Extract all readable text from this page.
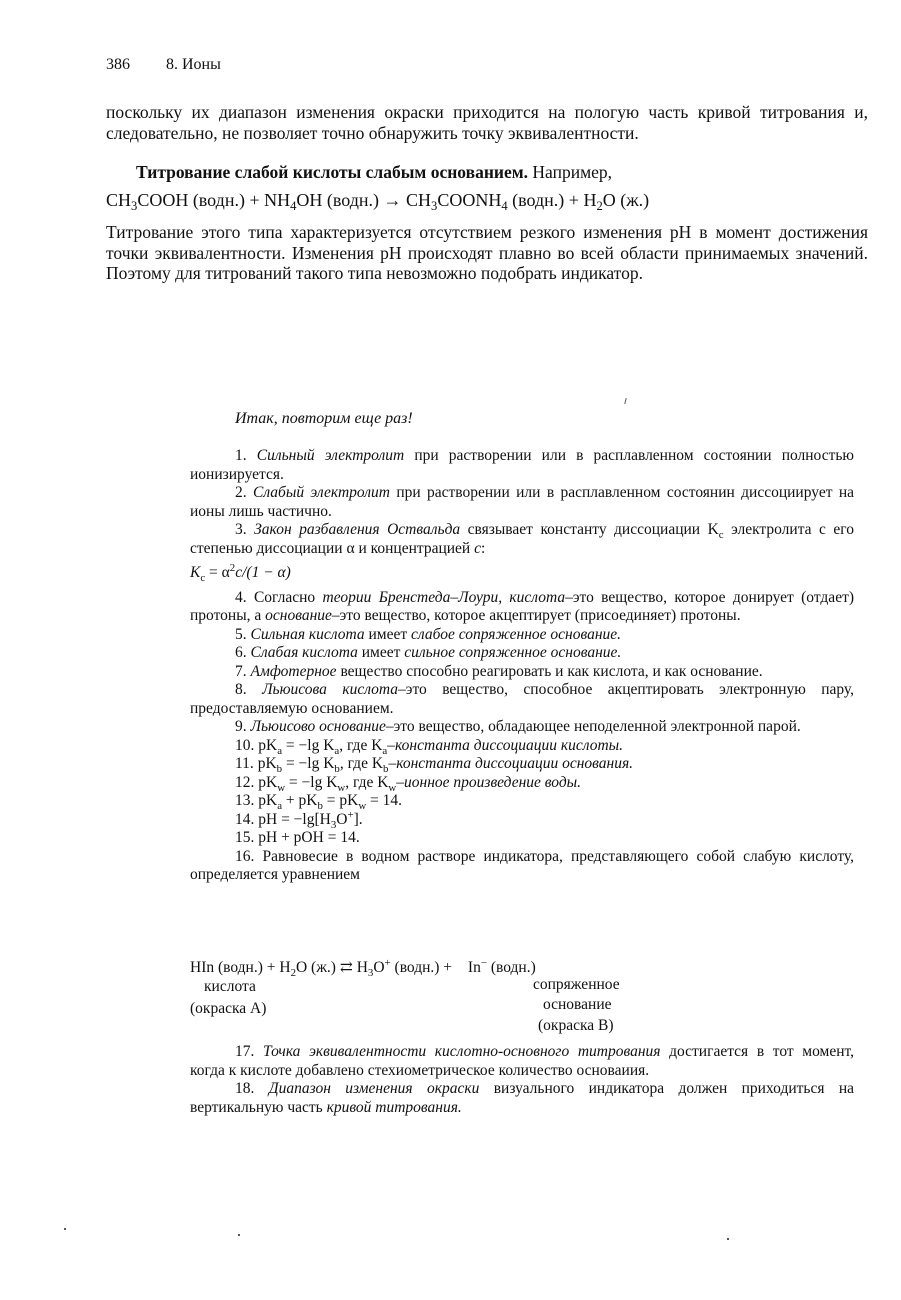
386 8. Ионы
поскольку их диапазон изменения окраски приходится на пологую часть кривой титрования и, следовательно, не позволяет точно обнаружить точку эквивалентности.
Титрование слабой кислоты слабым основанием. Например,
$CH_3COOH$ (водн.) + $NH_4OH$ (водн.) → $CH_3COONH_4$ (водн.) + $H_2O$ (ж.)
Титрование этого типа характеризуется отсутствием резкого изменения pH в момент достижения точки эквивалентности. Изменения pH происходят плавно во всей области принимаемых значений. Поэтому для титрований такого типа невозможно подобрать индикатор.
Итак, повторим еще раз!
1. Сильный электролит при растворении или в расплавленном состоянии полностью ионизируется.
2. Слабый электролит при растворении или в расплавленном состоянин диссоциирует на ионы лишь частично.
3. Закон разбавления Оствальда связывает константу диссоциации $K_c$ электролита с его степенью диссоциации α и концентрацией c:
$K_c = \alpha^2c/(1 - \alpha)$
4. Согласно теории Бренстеда–Лоури, кислота–это вещество, которое донирует (отдает) протоны, а основание–это вещество, которое акцептирует (присоединяет) протоны.
5. Сильная кислота имеет слабое сопряженное основание.
6. Слабая кислота имеет сильное сопряженное основание.
7. Амфотерное вещество способно реагировать и как кислота, и как основание.
8. Льюисова кислота–это вещество, способное акцептировать электронную пару, предоставляемую основанием.
9. Льюисово основание–это вещество, обладающее неподеленной электронной парой.
10. $pK_a = -\lg$ $K_a$, где $K_a$–константа диссоциации кислоты.
11. $pK_b = -\lg$ $K_b$, где $K_b$–константа диссоциации основания.
12. $pK_w = -\lg$ $K_w$, где $K_w$–ионное произведение воды.
13. $pK_a + pK_b = pK_w = 14$.
14. pH = $-\lg[H_3O^+]$.
15. pH + pOH = 14.
16. Равновесие в водном растворе индикатора, представляющего собой слабую кислоту, определяется уравнением
HIn (водн.) + $H_2O$ (ж.) ⇄ $H_3O^+$ (водн.) + In− (водн.)
кислота
(окраска A)
сопряженное
основание
(окраска B)
17. Точка эквивалентности кислотно-основного титрования достигается в тот момент, когда к кислоте добавлено стехиометрическое количество основаиия.
18. Диапазон изменения окраски визуального индикатора должен приходиться на вертикальную часть кривой титрования.
